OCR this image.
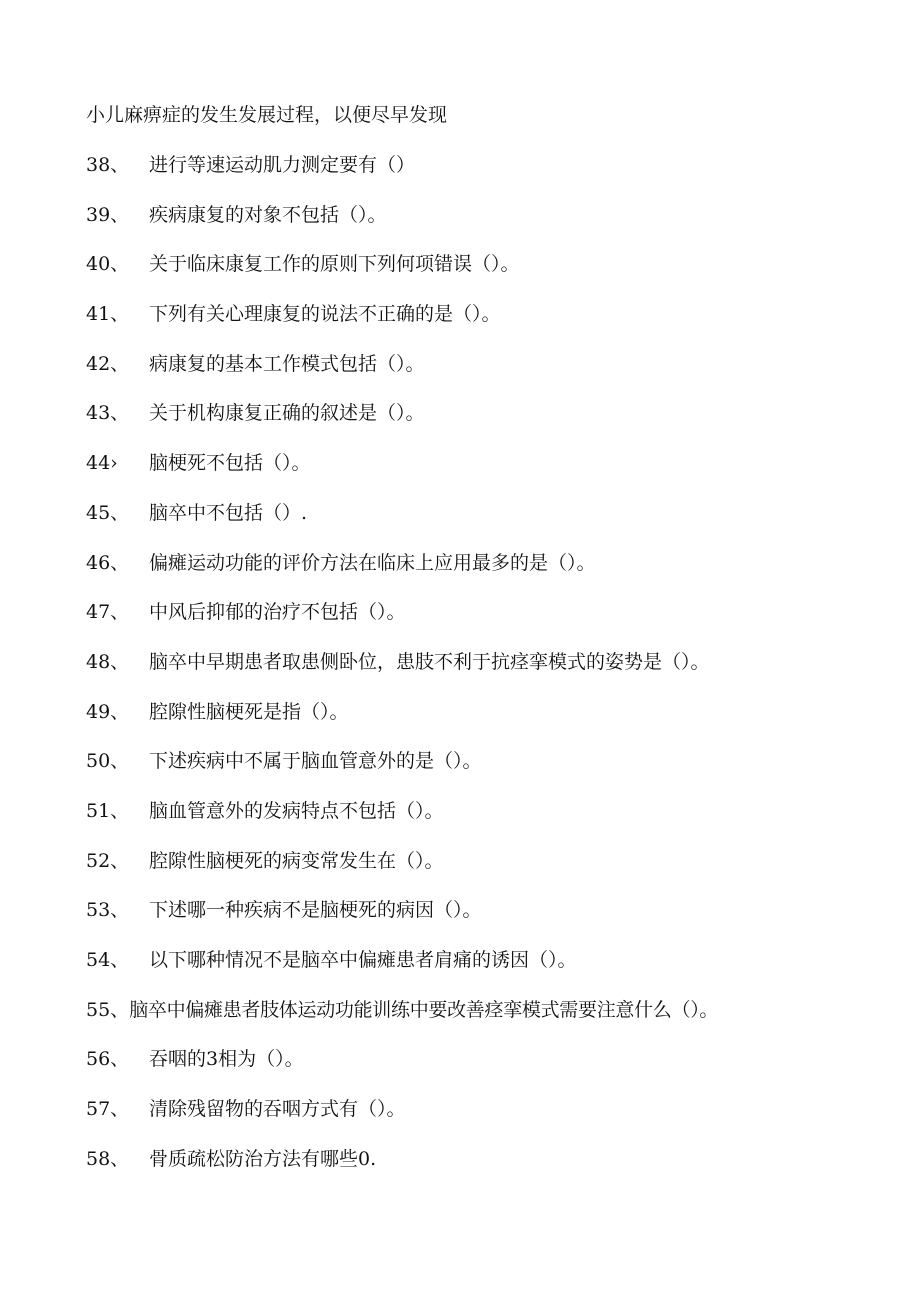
小儿麻痹症的发生发展过程，以便尽早发现
38、	进行等速运动肌力测定要有（）
39、	疾病康复的对象不包括（）。
40、	关于临床康复工作的原则下列何项错误（）。
41、	下列有关心理康复的说法不正确的是（）。
42、	病康复的基本工作模式包括（）。
43、	关于机构康复正确的叙述是（）。
44›	脑梗死不包括（）。
45、	脑卒中不包括（）.
46、	偏瘫运动功能的评价方法在临床上应用最多的是（）。
47、	中风后抑郁的治疗不包括（）。
48、	脑卒中早期患者取患侧卧位，患肢不利于抗痉挛模式的姿势是（）。
49、	腔隙性脑梗死是指（）。
50、	下述疾病中不属于脑血管意外的是（）。
51、	脑血管意外的发病特点不包括（）。
52、	腔隙性脑梗死的病变常发生在（）。
53、	下述哪一种疾病不是脑梗死的病因（）。
54、	以下哪种情况不是脑卒中偏瘫患者肩痛的诱因（）。
55、 脑卒中偏瘫患者肢体运动功能训练中要改善痉挛模式需要注意什么（）。
56、	吞咽的3相为（）。
57、	清除残留物的吞咽方式有（）。
58、	骨质疏松防治方法有哪些0.
